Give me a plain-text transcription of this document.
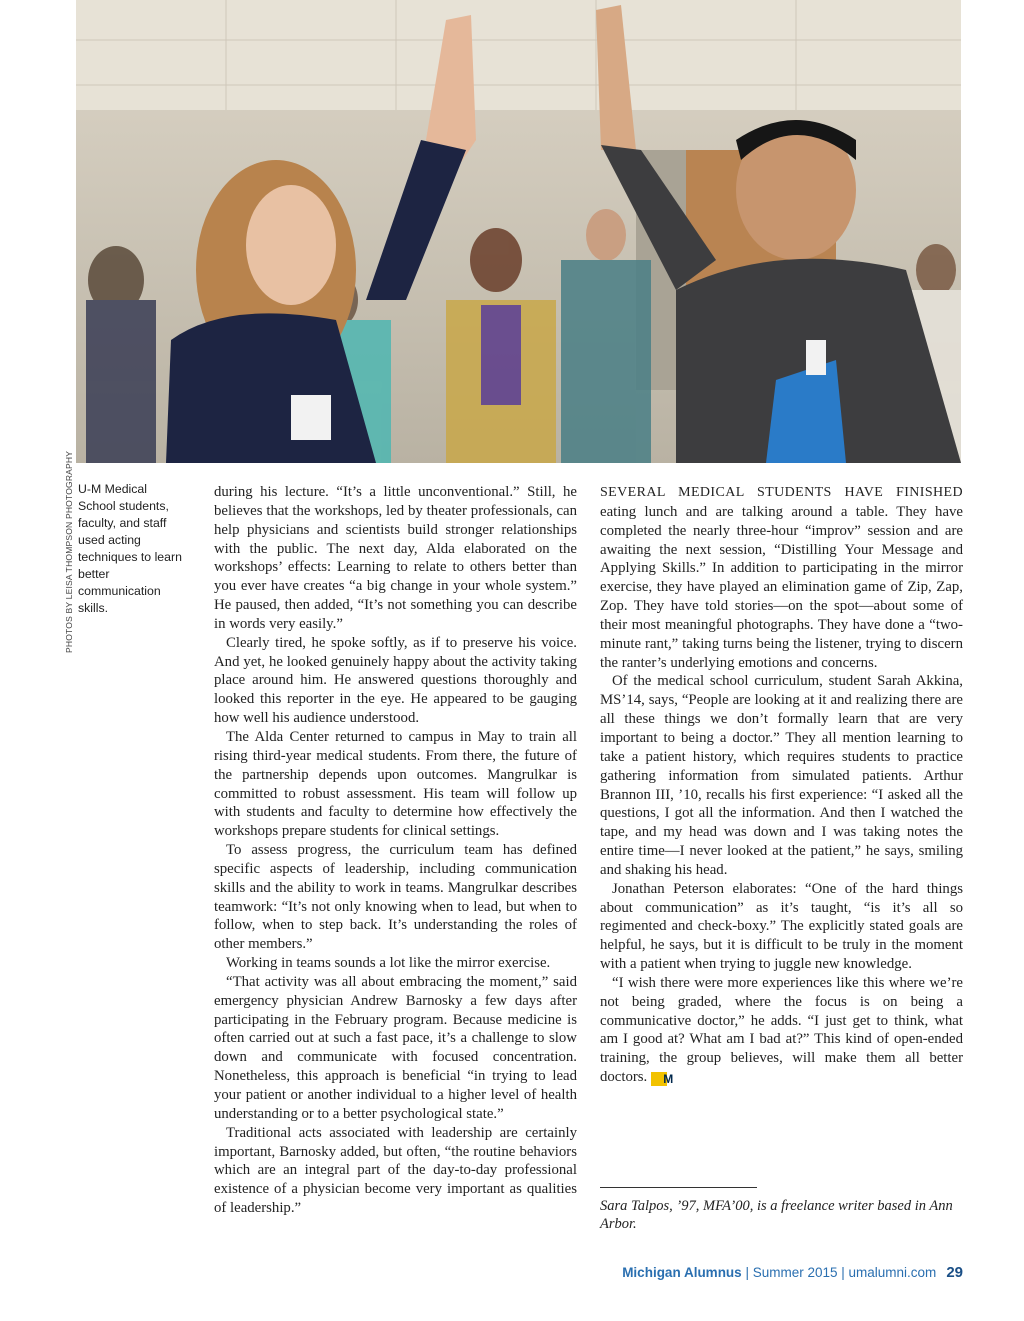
PHOTOS BY LEISA THOMPSON PHOTOGRAPHY U-M Medical School students, faculty, and staff used acting techniques to learn better communication skills.

during his lecture. “It’s a little unconventional.” Still, he believes that the workshops, led by theater professionals, can help physicians and scientists build stronger relationships with the public. The next day, Alda elaborated on the workshops’ effects: Learning to relate to others better than you ever have creates “a big change in your whole system.” He paused, then added, “It’s not something you can describe in words very easily.”

Clearly tired, he spoke softly, as if to preserve his voice. And yet, he looked genuinely happy about the activity taking place around him. He answered questions thoroughly and looked this reporter in the eye. He appeared to be gauging how well his audience understood.

The Alda Center returned to campus in May to train all rising third-year medical students. From there, the future of the partnership depends upon outcomes. Mangrulkar is committed to robust assessment. His team will follow up with students and faculty to determine how effectively the workshops prepare students for clinical settings.

To assess progress, the curriculum team has defined specific aspects of leadership, including communication skills and the ability to work in teams. Mangrulkar describes teamwork: “It’s not only knowing when to lead, but when to follow, when to step back. It’s understanding the roles of other members.”

Working in teams sounds a lot like the mirror exercise.

“That activity was all about embracing the moment,” said emergency physician Andrew Barnosky a few days after participating in the February program. Because medicine is often carried out at such a fast pace, it’s a challenge to slow down and communicate with focused concentration. Nonetheless, this approach is beneficial “in trying to lead your patient or another individual to a higher level of health understanding or to a better psychological state.”

Traditional acts associated with leadership are certainly important, Barnosky added, but often, “the routine behaviors which are an integral part of the day-to-day professional existence of a physician become very important as qualities of leadership.”

SEVERAL MEDICAL STUDENTS HAVE FINISHED eating lunch and are talking around a table. They have completed the nearly three-hour “improv” session and are awaiting the next session, “Distilling Your Message and Applying Skills.” In addition to participating in the mirror exercise, they have played an elimination game of Zip, Zap, Zop. They have told stories—on the spot—about some of their most meaningful photographs. They have done a “two-minute rant,” taking turns being the listener, trying to discern the ranter’s underlying emotions and concerns.

Of the medical school curriculum, student Sarah Akkina, MS’14, says, “People are looking at it and realizing there are all these things we don’t formally learn that are very important to being a doctor.” They all mention learning to take a patient history, which requires students to practice gathering information from simulated patients. Arthur Brannon III, ’10, recalls his first experience: “I asked all the questions, I got all the information. And then I watched the tape, and my head was down and I was taking notes the entire time—I never looked at the patient,” he says, smiling and shaking his head.

Jonathan Peterson elaborates: “One of the hard things about communication” as it’s taught, “is it’s all so regimented and check-boxy.” The explicitly stated goals are helpful, he says, but it is difficult to be truly in the moment with a patient when trying to juggle new knowledge.

“I wish there were more experiences like this where we’re not being graded, where the focus is on being a communicative doctor,” he adds. “I just get to think, what am I good at? What am I bad at?” This kind of open-ended training, the group believes, will make them all better doctors. M

Sara Talpos, ’97, MFA’00, is a freelance writer based in Ann Arbor.
Michigan Alumnus | Summer 2015 | umalumni.com 29
